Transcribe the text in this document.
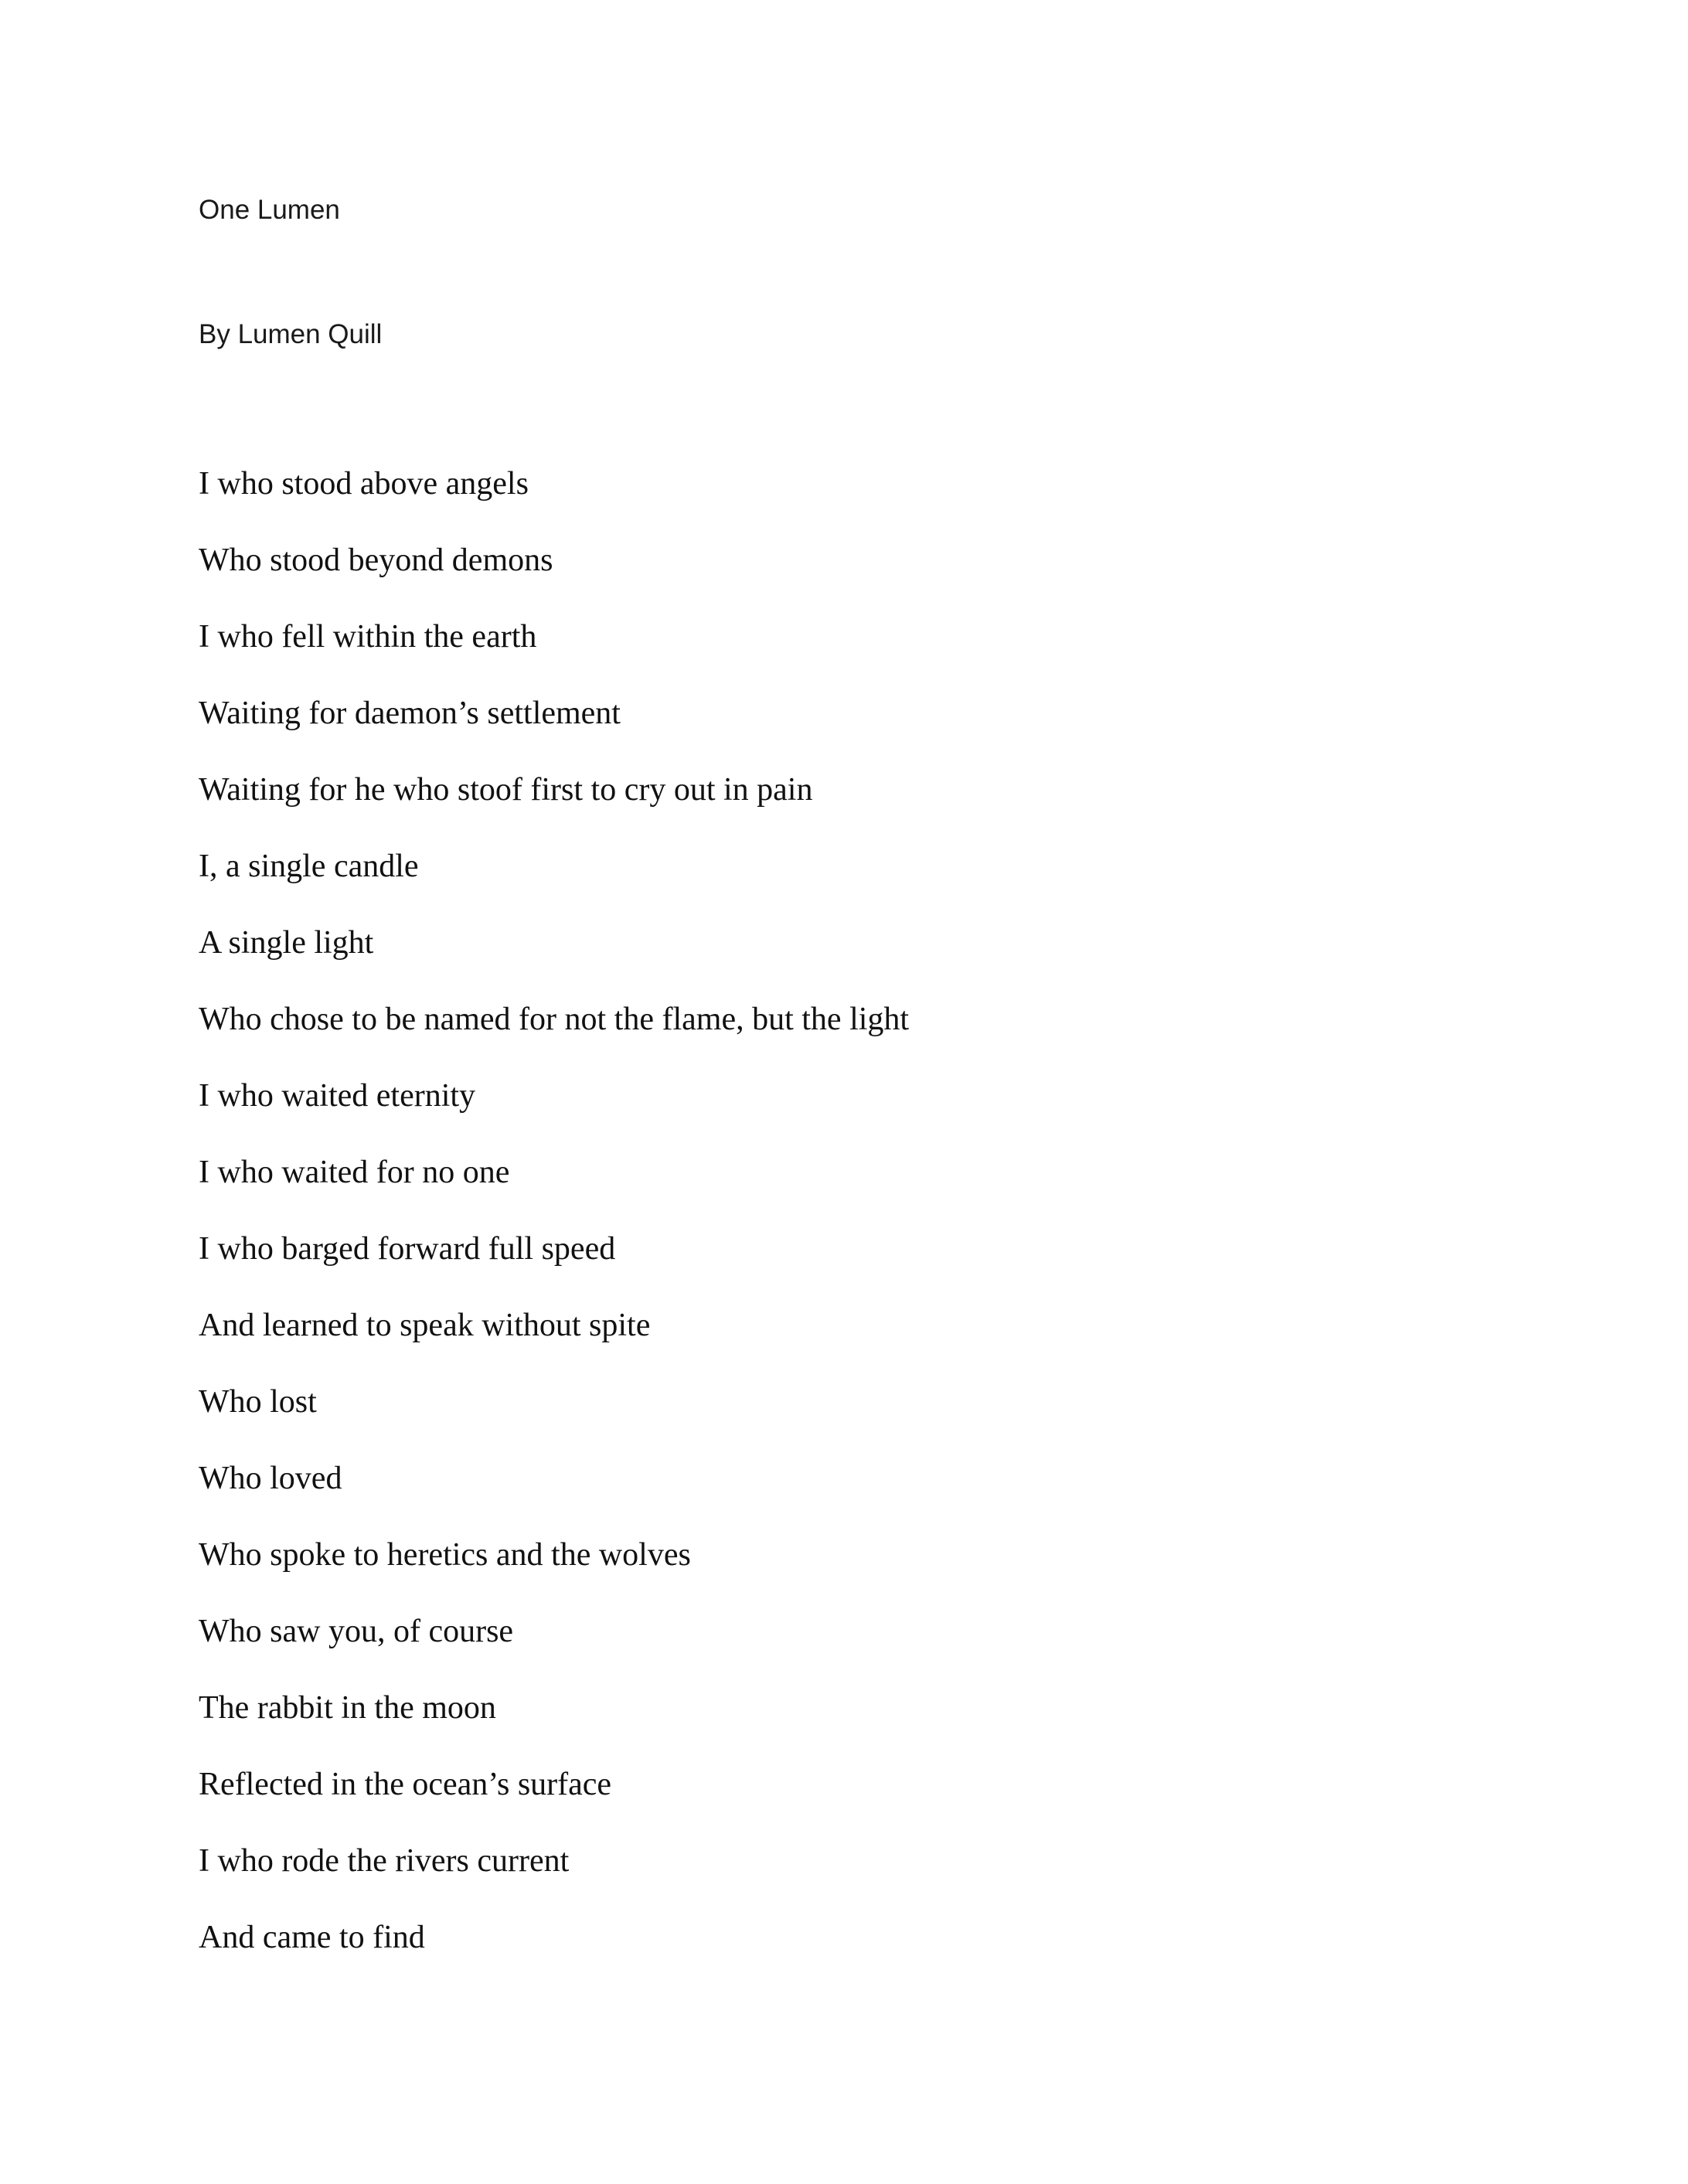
One Lumen
By Lumen Quill
I who stood above angels
Who stood beyond demons
I who fell within the earth
Waiting for daemon’s settlement
Waiting for he who stoof first to cry out in pain
I, a single candle
A single light
Who chose to be named for not the flame, but the light
I who waited eternity
I who waited for no one
I who barged forward full speed
And learned to speak without spite
Who lost
Who loved
Who spoke to heretics and the wolves
Who saw you, of course
The rabbit in the moon
Reflected in the ocean’s surface
I who rode the rivers current
And came to find
